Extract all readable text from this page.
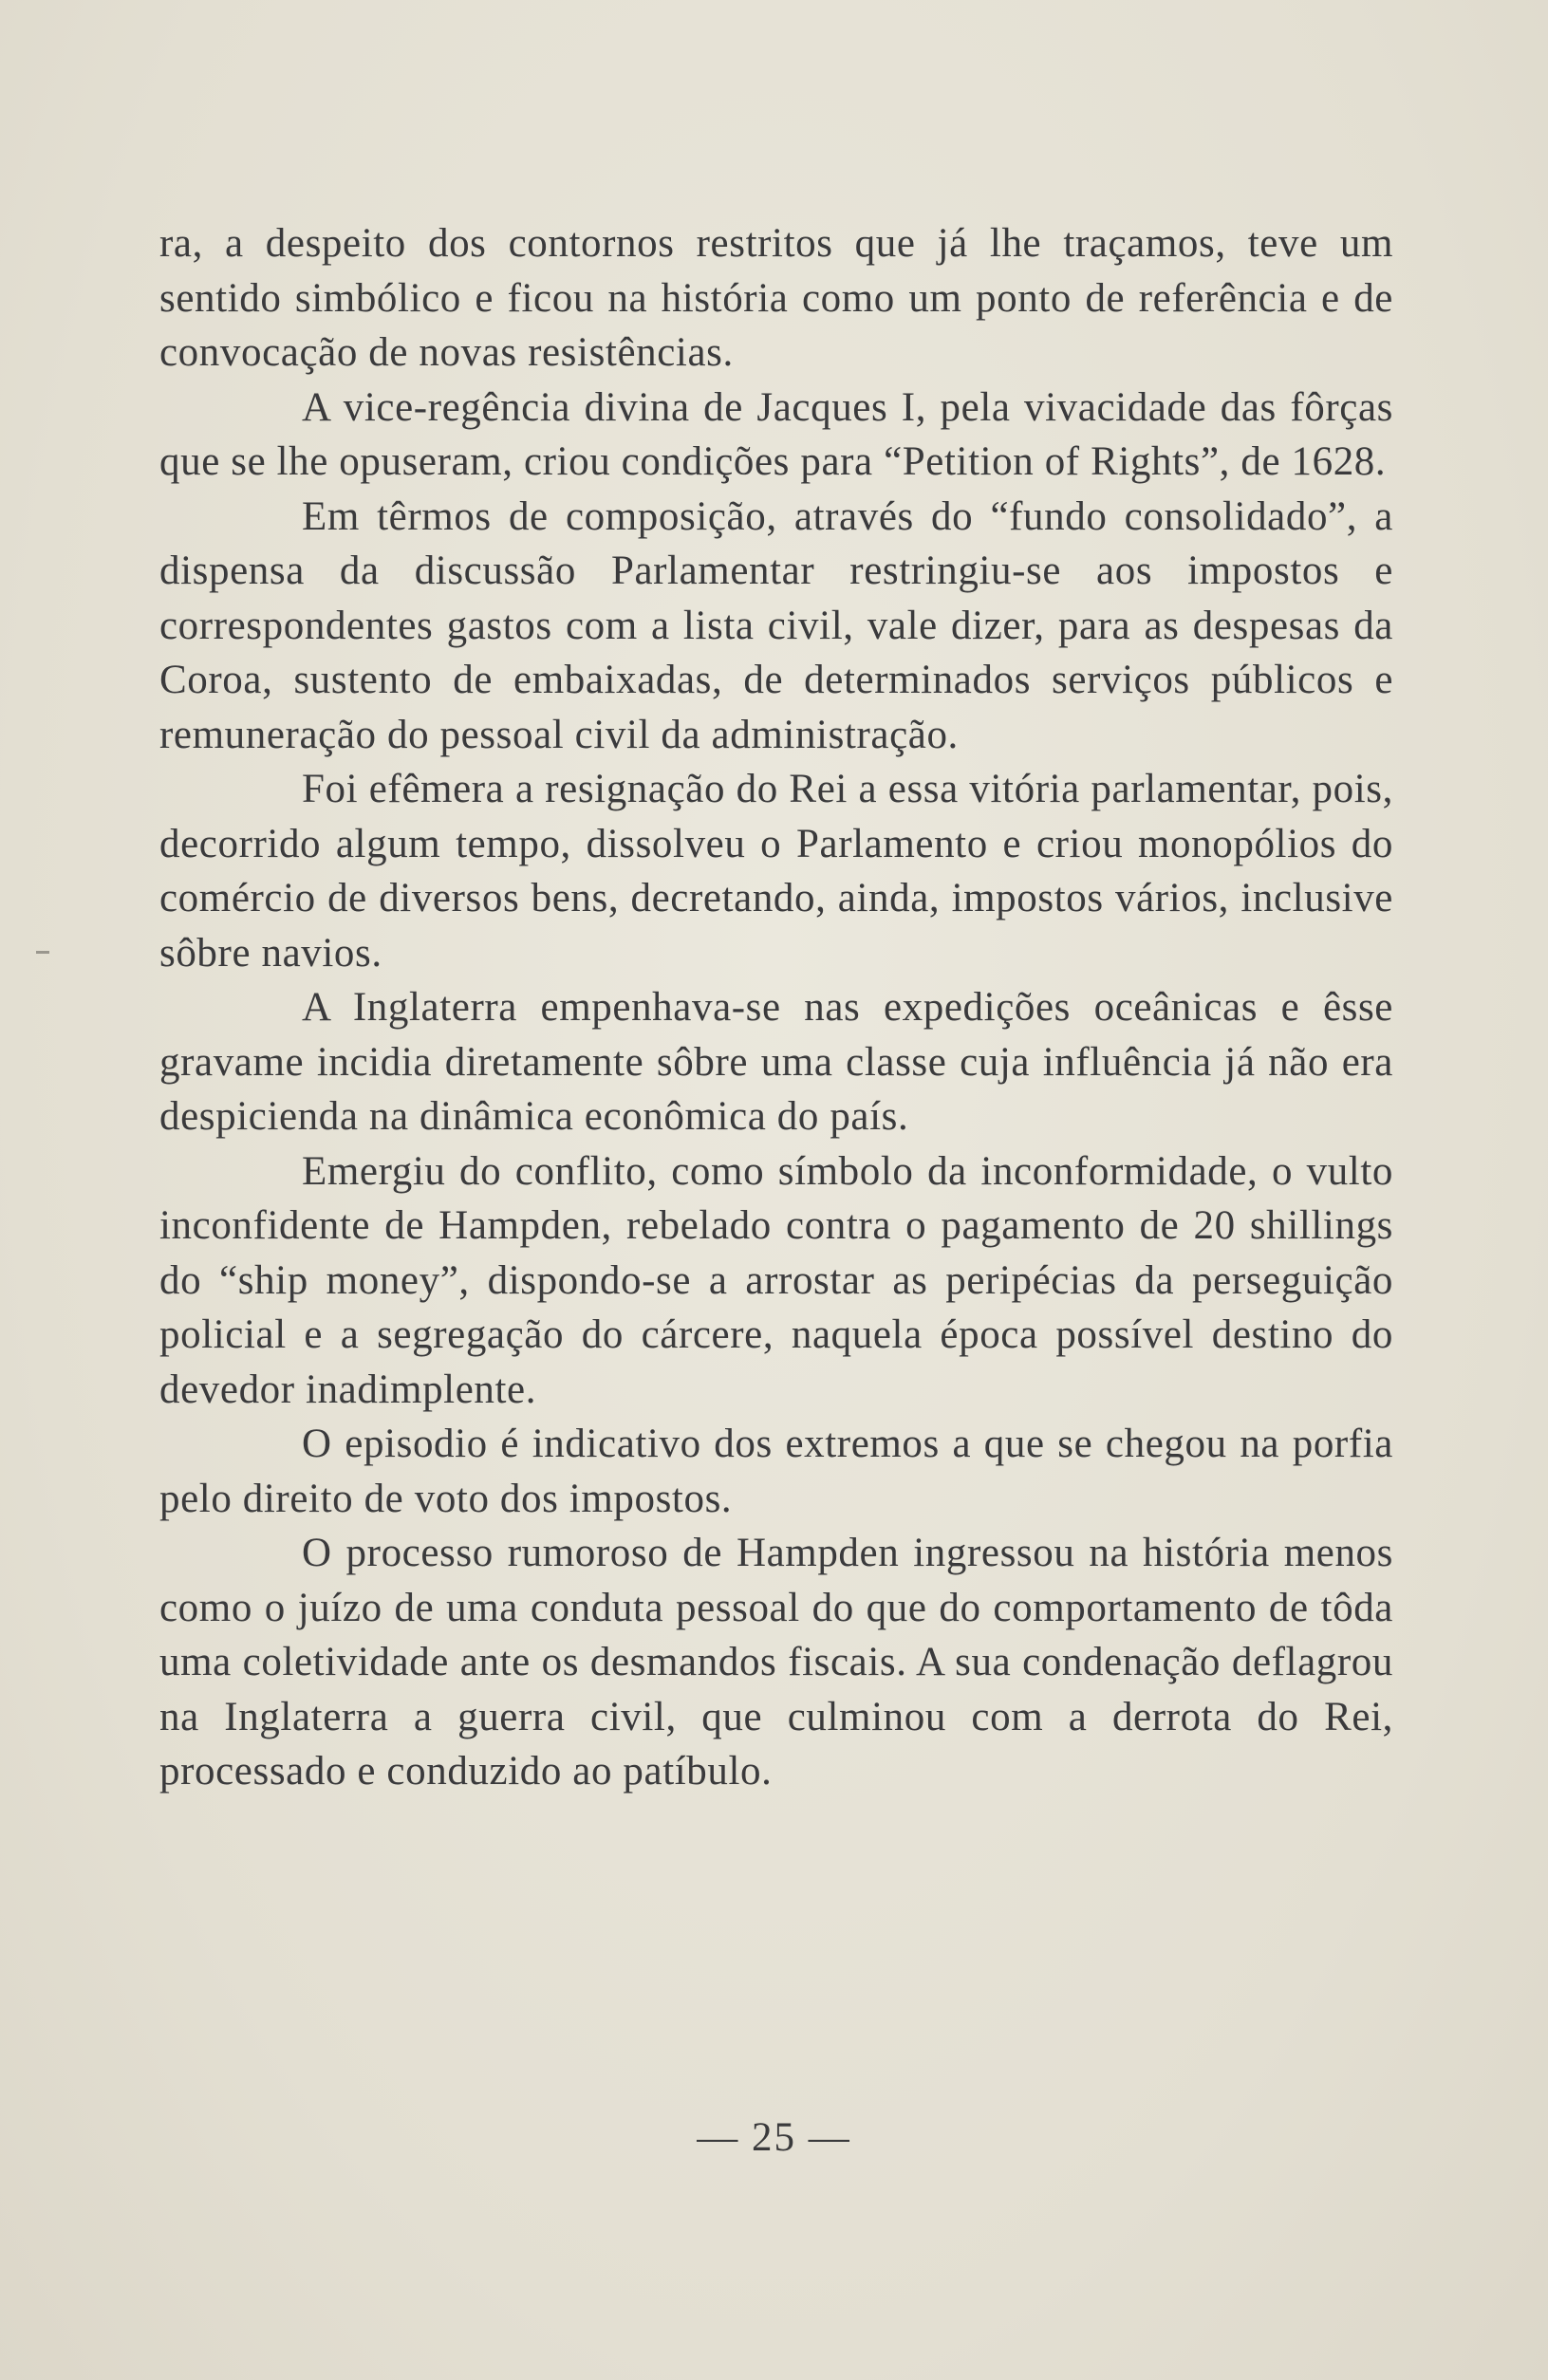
ra, a despeito dos contornos restritos que já lhe traçamos, teve um sentido simbólico e ficou na história como um ponto de referência e de convocação de novas resistências.

A vice-regência divina de Jacques I, pela vivacidade das fôrças que se lhe opuseram, criou condições para “Petition of Rights”, de 1628.

Em têrmos de composição, através do “fundo consolidado”, a dispensa da discussão Parlamentar restringiu-se aos impostos e correspondentes gastos com a lista civil, vale dizer, para as despesas da Coroa, sustento de embaixadas, de determinados serviços públicos e remuneração do pessoal civil da administração.

Foi efêmera a resignação do Rei a essa vitória parlamentar, pois, decorrido algum tempo, dissolveu o Parlamento e criou monopólios do comércio de diversos bens, decretando, ainda, impostos vários, inclusive sôbre navios.

A Inglaterra empenhava-se nas expedições oceânicas e êsse gravame incidia diretamente sôbre uma classe cuja influência já não era despicienda na dinâmica econômica do país.

Emergiu do conflito, como símbolo da inconformidade, o vulto inconfidente de Hampden, rebelado contra o pagamento de 20 shillings do “ship money”, dispondo-se a arrostar as peripécias da perseguição policial e a segregação do cárcere, naquela época possível destino do devedor inadimplente.

O episodio é indicativo dos extremos a que se chegou na porfia pelo direito de voto dos impostos.

O processo rumoroso de Hampden ingressou na história menos como o juízo de uma conduta pessoal do que do comportamento de tôda uma coletividade ante os desmandos fiscais. A sua condenação deflagrou na Inglaterra a guerra civil, que culminou com a derrota do Rei, processado e conduzido ao patíbulo.

— 25 —
